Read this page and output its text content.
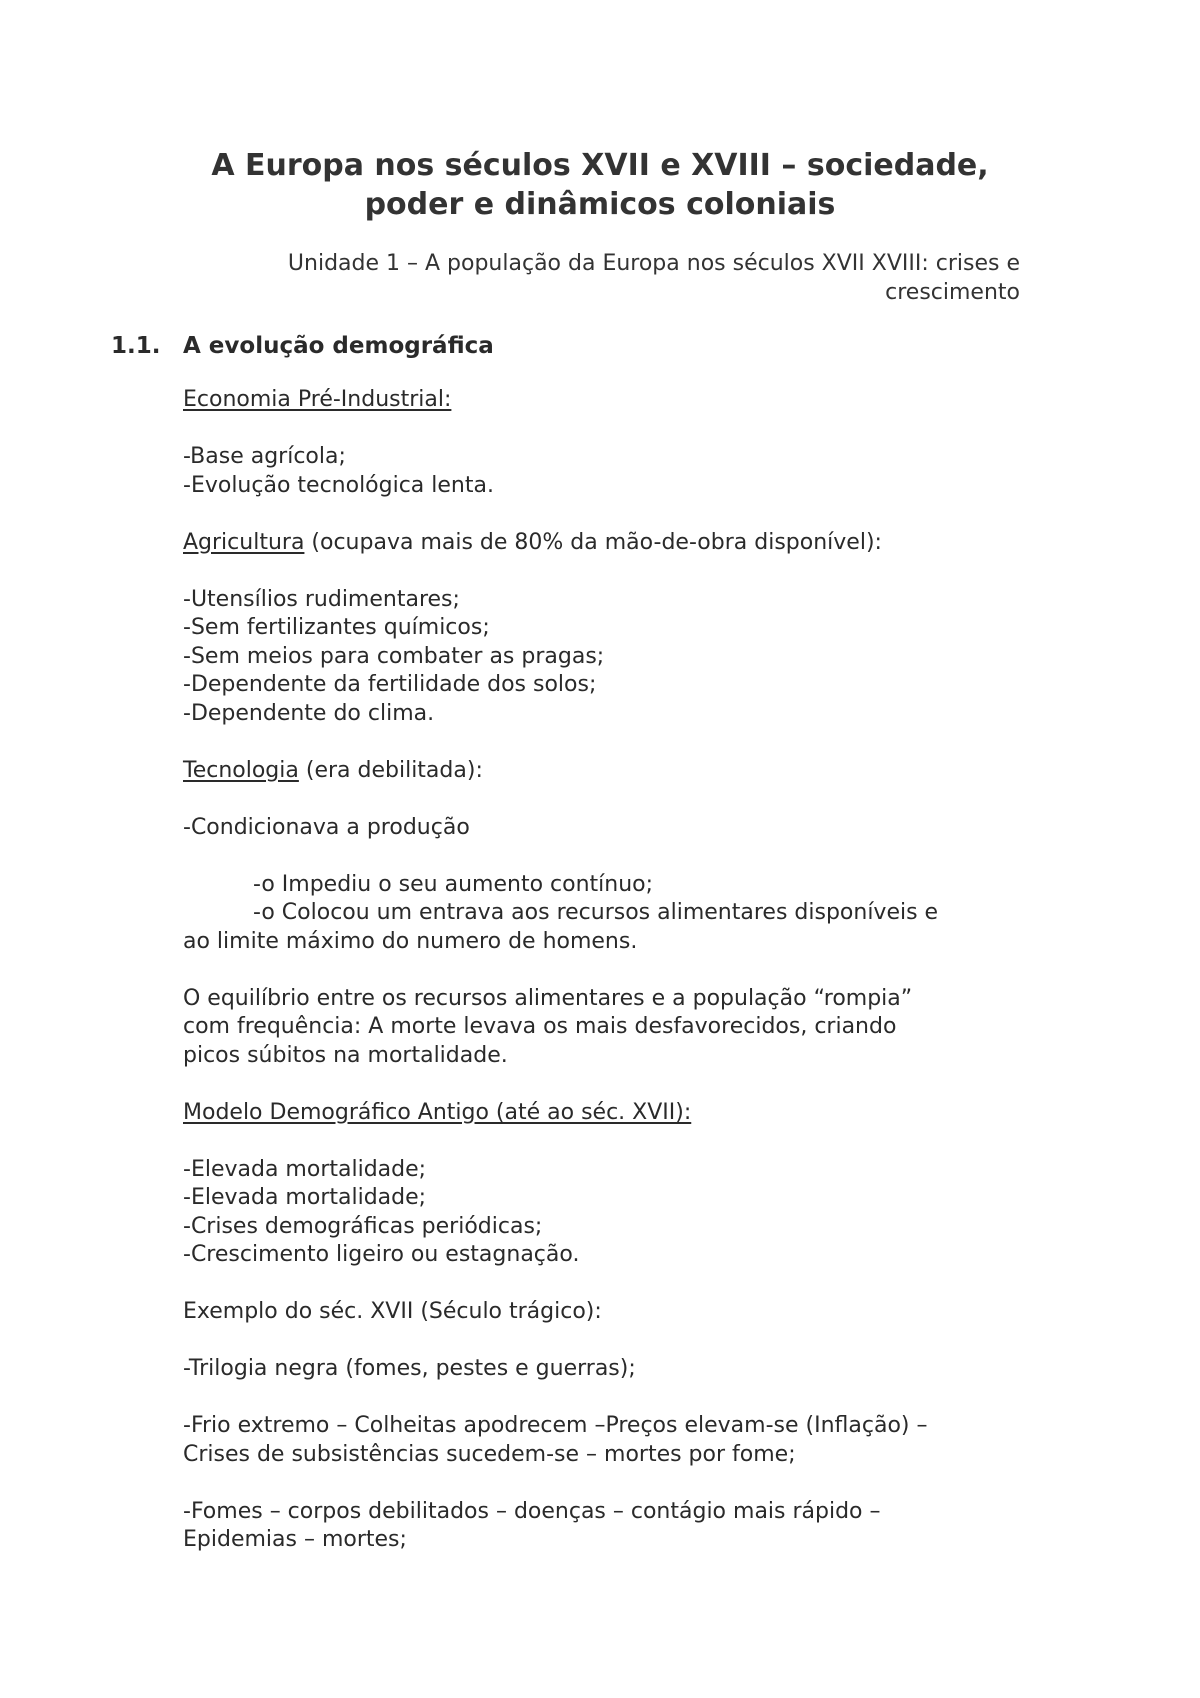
A Europa nos séculos XVII e XVIII – sociedade,
poder e dinâmicos coloniais
Unidade 1 – A população da Europa nos séculos XVII XVIII: crises e
crescimento
1.1. A evolução demográfica

Economia Pré-Industrial:

-Base agrícola;

-Evolução tecnológica lenta.

Agricultura (ocupava mais de 80% da mão-de-obra disponível):

-Utensílios rudimentares;

-Sem fertilizantes químicos;

-Sem meios para combater as pragas;

-Dependente da fertilidade dos solos;

-Dependente do clima.

Tecnologia (era debilitada):

-Condicionava a produção

-o Impediu o seu aumento contínuo;

-o Colocou um entrava aos recursos alimentares disponíveis e

ao limite máximo do numero de homens.

O equilíbrio entre os recursos alimentares e a população “rompia”

com frequência: A morte levava os mais desfavorecidos, criando

picos súbitos na mortalidade.

Modelo Demográfico Antigo (até ao séc. XVII):

-Elevada mortalidade;

-Elevada mortalidade;

-Crises demográficas periódicas;

-Crescimento ligeiro ou estagnação.

Exemplo do séc. XVII (Século trágico):

-Trilogia negra (fomes, pestes e guerras);

-Frio extremo – Colheitas apodrecem –Preços elevam-se (Inflação) –

Crises de subsistências sucedem-se – mortes por fome;

-Fomes – corpos debilitados – doenças – contágio mais rápido –

Epidemias – mortes;
